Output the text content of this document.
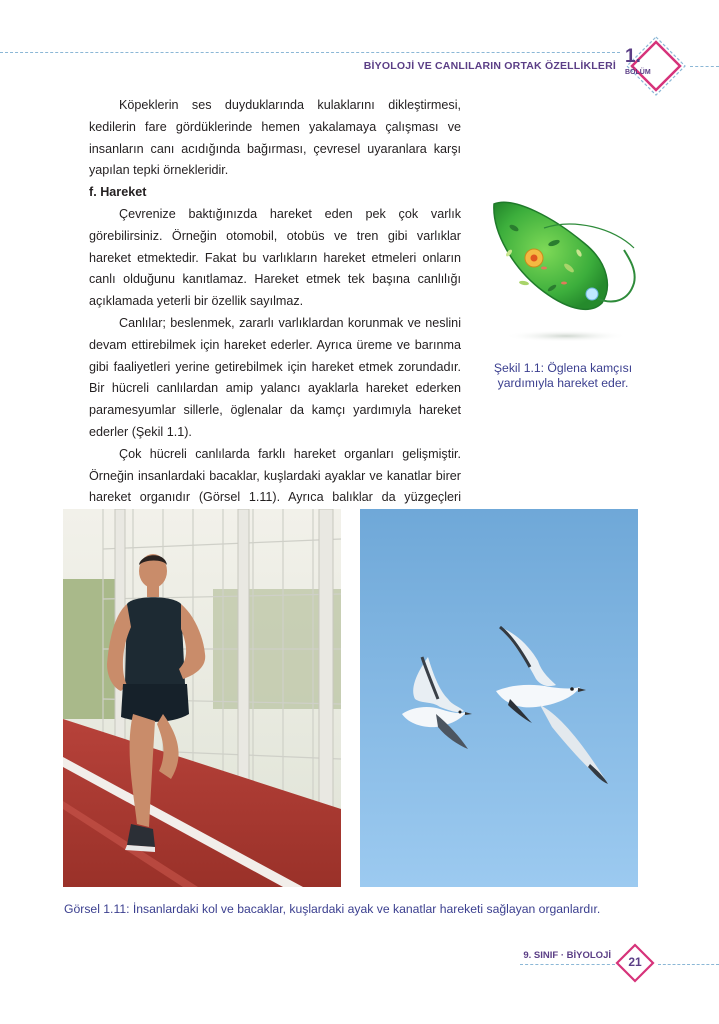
BİYOLOJİ VE CANLILARIN ORTAK ÖZELLİKLERİ 1.
BÖLÜM

Köpeklerin ses duyduklarında kulaklarını dikleştirmesi, kedilerin fare gördüklerinde hemen yakalamaya çalışması ve insanların canı acıdığında bağırması, çevresel uyaranlara karşı yapılan tepki örnekleridir.

f. Hareket

Çevrenize baktığınızda hareket eden pek çok varlık görebilirsiniz. Örneğin otomobil, otobüs ve tren gibi varlıklar hareket etmektedir. Fakat bu varlıkların hareket etmeleri onların canlı olduğunu kanıtlamaz. Hareket etmek tek başına canlılığı açıklamada yeterli bir özellik sayılmaz.

Canlılar; beslenmek, zararlı varlıklardan korunmak ve neslini devam ettirebilmek için hareket ederler. Ayrıca üreme ve barınma gibi faaliyetleri yerine getirebilmek için hareket etmek zorundadır. Bir hücreli canlılardan amip yalancı ayaklarla hareket ederken paramesyumlar sillerle, öglenalar da kamçı yardımıyla hareket ederler (Şekil 1.1).

Çok hücreli canlılarda farklı hareket organları gelişmiştir. Örneğin insanlardaki bacaklar, kuşlardaki ayaklar ve kanatlar birer hareket organıdır (Görsel 1.11). Ayrıca balıklar da yüzgeçleri

Şekil 1.1: Öglena kamçısı yardımıyla hareket eder.
Görsel 1.11: İnsanlardaki kol ve bacaklar, kuşlardaki ayak ve kanatlar hareketi sağlayan organlardır.
9. SINIF · BİYOLOJİ	21
